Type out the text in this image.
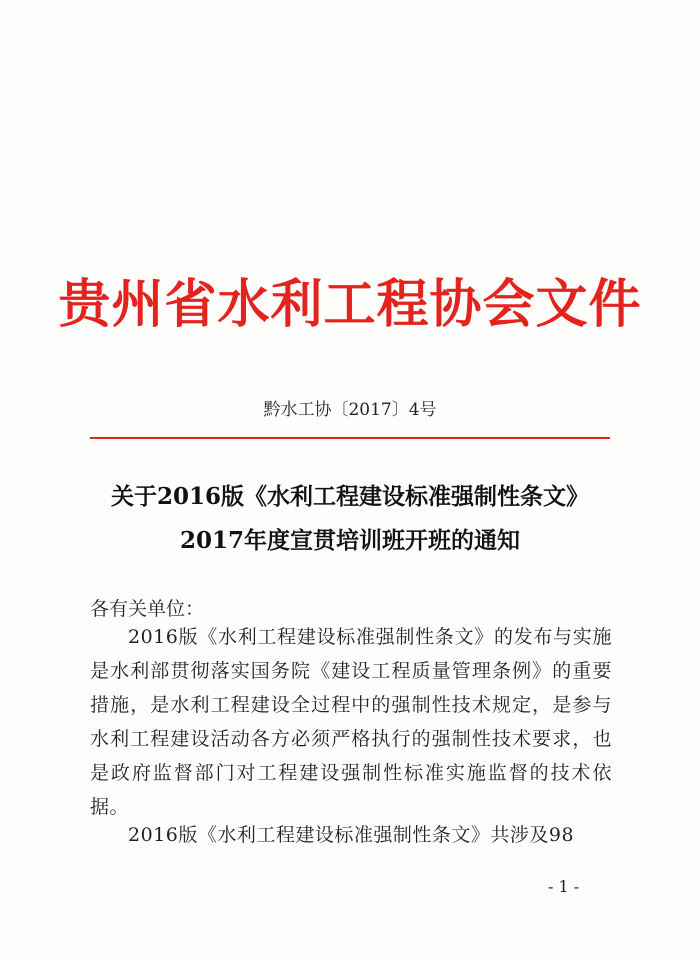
贵州省水利工程协会文件
黔水工协〔2017〕4号
关于2016版《水利工程建设标准强制性条文》
2017年度宣贯培训班开班的通知
各有关单位：

2016版《水利工程建设标准强制性条文》的发布与实施是水利部贯彻落实国务院《建设工程质量管理条例》的重要措施，是水利工程建设全过程中的强制性技术规定，是参与水利工程建设活动各方必须严格执行的强制性技术要求，也是政府监督部门对工程建设强制性标准实施监督的技术依据。

2016版《水利工程建设标准强制性条文》共涉及98

- 1 -
